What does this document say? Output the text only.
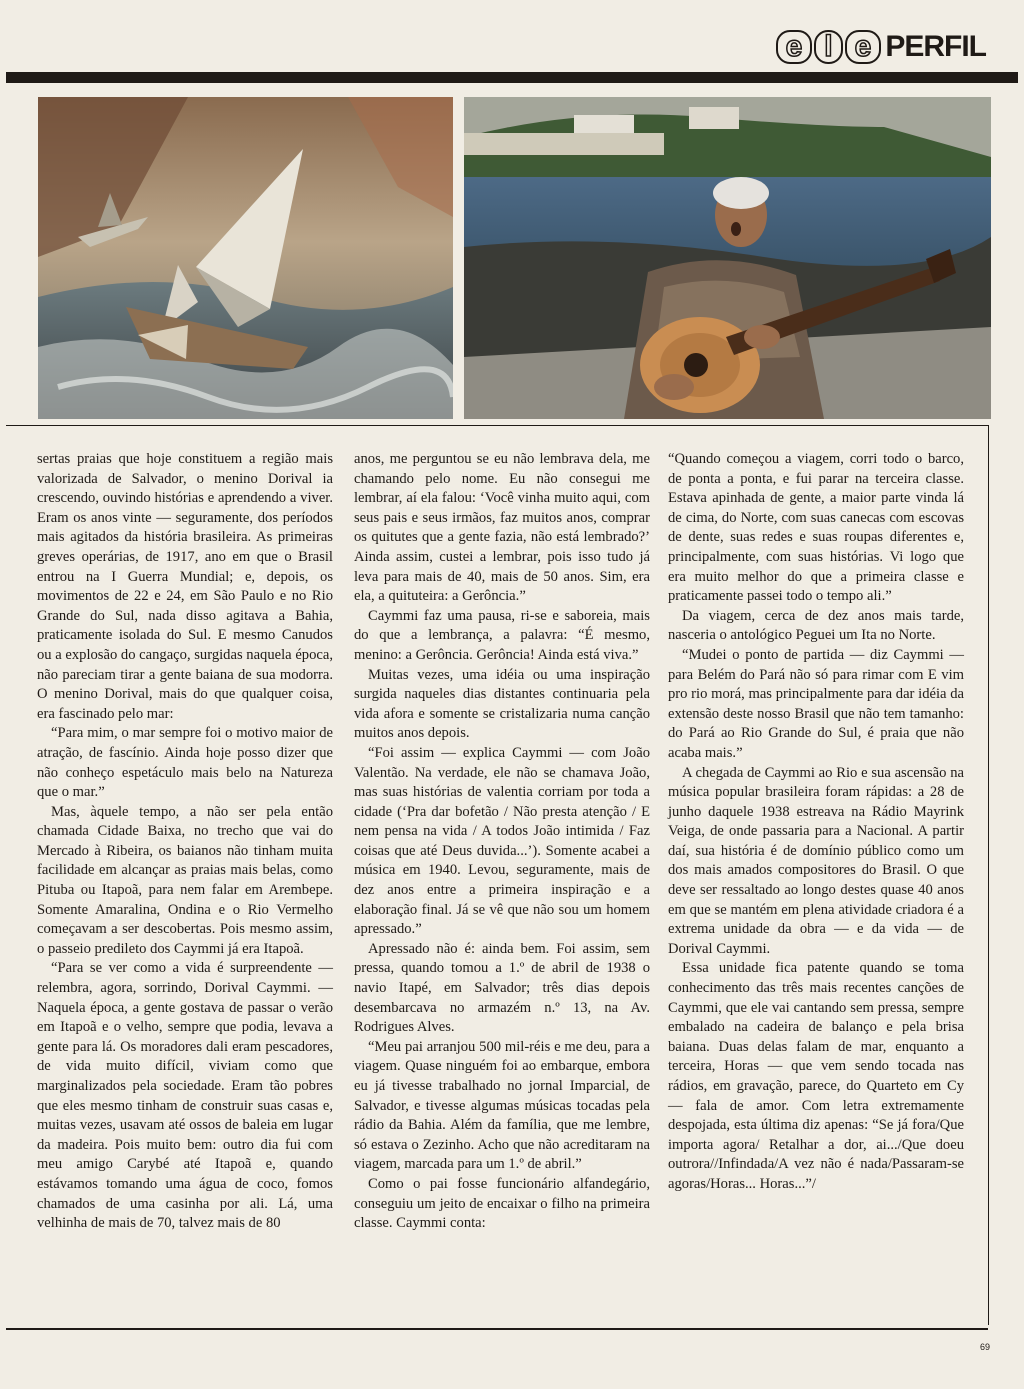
e l e PERFIL

sertas praias que hoje constituem a região mais valorizada de Salvador, o menino Dorival ia crescendo, ouvindo histórias e aprendendo a viver. Eram os anos vinte — seguramente, dos períodos mais agitados da história brasileira. As primeiras greves operárias, de 1917, ano em que o Brasil entrou na I Guerra Mundial; e, depois, os movimentos de 22 e 24, em São Paulo e no Rio Grande do Sul, nada disso agitava a Bahia, praticamente isolada do Sul. E mesmo Canudos ou a explosão do cangaço, surgidas naquela época, não pareciam tirar a gente baiana de sua modorra. O menino Dorival, mais do que qualquer coisa, era fascinado pelo mar:

“Para mim, o mar sempre foi o motivo maior de atração, de fascínio. Ainda hoje posso dizer que não conheço espetáculo mais belo na Natureza que o mar.”

Mas, àquele tempo, a não ser pela então chamada Cidade Baixa, no trecho que vai do Mercado à Ribeira, os baianos não tinham muita facilidade em alcançar as praias mais belas, como Pituba ou Itapoã, para nem falar em Arembepe. Somente Amaralina, Ondina e o Rio Vermelho começavam a ser descobertas. Pois mesmo assim, o passeio predileto dos Caymmi já era Itapoã.

“Para se ver como a vida é surpreendente — relembra, agora, sorrindo, Dorival Caymmi. — Naquela época, a gente gostava de passar o verão em Itapoã e o velho, sempre que podia, levava a gente para lá. Os moradores dali eram pescadores, de vida muito difícil, viviam como que marginalizados pela sociedade. Eram tão pobres que eles mesmo tinham de construir suas casas e, muitas vezes, usavam até ossos de baleia em lugar da madeira. Pois muito bem: outro dia fui com meu amigo Carybé até Itapoã e, quando estávamos tomando uma água de coco, fomos chamados de uma casinha por ali. Lá, uma velhinha de mais de 70, talvez mais de 80

anos, me perguntou se eu não lembrava dela, me chamando pelo nome. Eu não consegui me lembrar, aí ela falou: ‘Você vinha muito aqui, com seus pais e seus irmãos, faz muitos anos, comprar os quitutes que a gente fazia, não está lembrado?’ Ainda assim, custei a lembrar, pois isso tudo já leva para mais de 40, mais de 50 anos. Sim, era ela, a quituteira: a Gerôncia.”

Caymmi faz uma pausa, ri-se e saboreia, mais do que a lembrança, a palavra: “É mesmo, menino: a Gerôncia. Gerôncia! Ainda está viva.”

Muitas vezes, uma idéia ou uma inspiração surgida naqueles dias distantes continuaria pela vida afora e somente se cristalizaria numa canção muitos anos depois.

“Foi assim — explica Caymmi — com João Valentão. Na verdade, ele não se chamava João, mas suas histórias de valentia corriam por toda a cidade (‘Pra dar bofetão / Não presta atenção / E nem pensa na vida / A todos João intimida / Faz coisas que até Deus duvida...’). Somente acabei a música em 1940. Levou, seguramente, mais de dez anos entre a primeira inspiração e a elaboração final. Já se vê que não sou um homem apressado.”

Apressado não é: ainda bem. Foi assim, sem pressa, quando tomou a 1.º de abril de 1938 o navio Itapé, em Salvador; três dias depois desembarcava no armazém n.º 13, na Av. Rodrigues Alves.

“Meu pai arranjou 500 mil-réis e me deu, para a viagem. Quase ninguém foi ao embarque, embora eu já tivesse trabalhado no jornal Imparcial, de Salvador, e tivesse algumas músicas tocadas pela rádio da Bahia. Além da família, que me lembre, só estava o Zezinho. Acho que não acreditaram na viagem, marcada para um 1.º de abril.”

Como o pai fosse funcionário alfandegário, conseguiu um jeito de encaixar o filho na primeira classe. Caymmi conta:

“Quando começou a viagem, corri todo o barco, de ponta a ponta, e fui parar na terceira classe. Estava apinhada de gente, a maior parte vinda lá de cima, do Norte, com suas canecas com escovas de dente, suas redes e suas roupas diferentes e, principalmente, com suas histórias. Vi logo que era muito melhor do que a primeira classe e praticamente passei todo o tempo ali.”

Da viagem, cerca de dez anos mais tarde, nasceria o antológico Peguei um Ita no Norte.

“Mudei o ponto de partida — diz Caymmi — para Belém do Pará não só para rimar com E vim pro rio morá, mas principalmente para dar idéia da extensão deste nosso Brasil que não tem tamanho: do Pará ao Rio Grande do Sul, é praia que não acaba mais.”

A chegada de Caymmi ao Rio e sua ascensão na música popular brasileira foram rápidas: a 28 de junho daquele 1938 estreava na Rádio Mayrink Veiga, de onde passaria para a Nacional. A partir daí, sua história é de domínio público como um dos mais amados compositores do Brasil. O que deve ser ressaltado ao longo destes quase 40 anos em que se mantém em plena atividade criadora é a extrema unidade da obra — e da vida — de Dorival Caymmi.

Essa unidade fica patente quando se toma conhecimento das três mais recentes canções de Caymmi, que ele vai cantando sem pressa, sempre embalado na cadeira de balanço e pela brisa baiana. Duas delas falam de mar, enquanto a terceira, Horas — que vem sendo tocada nas rádios, em gravação, parece, do Quarteto em Cy — fala de amor. Com letra extremamente despojada, esta última diz apenas: “Se já fora/Que importa agora/ Retalhar a dor, ai.../Que doeu outrora//Infindada/A vez não é nada/Passaram-se agoras/Horas... Horas...”/

69
